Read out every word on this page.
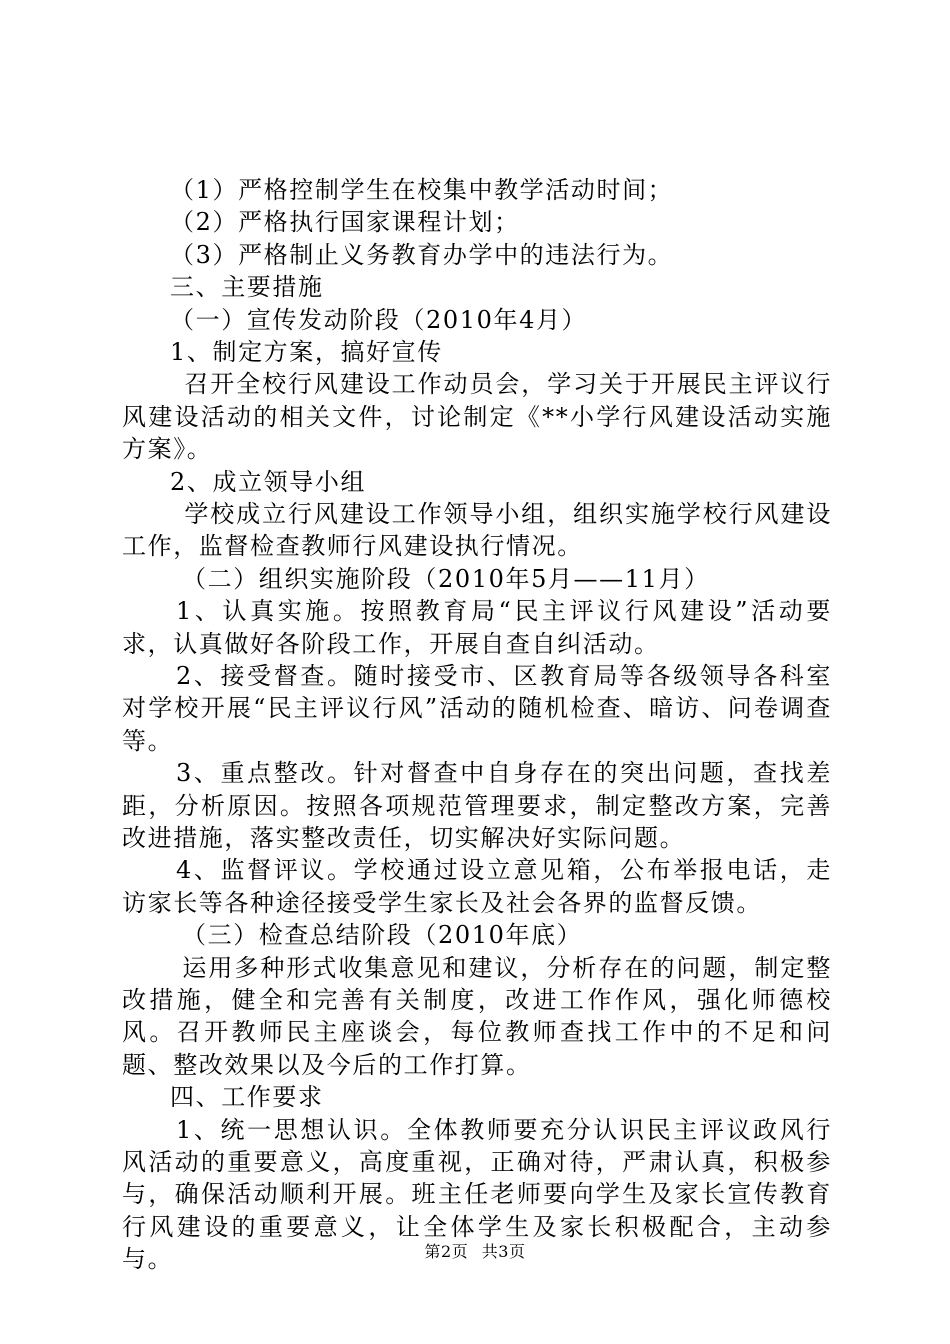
（1）严格控制学生在校集中教学活动时间；
（2）严格执行国家课程计划；
（3）严格制止义务教育办学中的违法行为。
三、主要措施
（一）宣传发动阶段（2010年4月）
1、制定方案，搞好宣传
召开全校行风建设工作动员会，学习关于开展民主评议行风建设活动的相关文件，讨论制定《**小学行风建设活动实施方案》。
2、成立领导小组
学校成立行风建设工作领导小组，组织实施学校行风建设工作，监督检查教师行风建设执行情况。
（二）组织实施阶段（2010年5月——11月）
1、认真实施。按照教育局“民主评议行风建设”活动要求，认真做好各阶段工作，开展自查自纠活动。
2、接受督查。随时接受市、区教育局等各级领导各科室对学校开展“民主评议行风”活动的随机检查、暗访、问卷调查等。
3、重点整改。针对督查中自身存在的突出问题，查找差距，分析原因。按照各项规范管理要求，制定整改方案，完善改进措施，落实整改责任，切实解决好实际问题。
4、监督评议。学校通过设立意见箱，公布举报电话，走访家长等各种途径接受学生家长及社会各界的监督反馈。
（三）检查总结阶段（2010年底）
运用多种形式收集意见和建议，分析存在的问题，制定整改措施，健全和完善有关制度，改进工作作风，强化师德校风。召开教师民主座谈会，每位教师查找工作中的不足和问题、整改效果以及今后的工作打算。
四、工作要求
1、统一思想认识。全体教师要充分认识民主评议政风行风活动的重要意义，高度重视，正确对待，严肃认真，积极参与，确保活动顺利开展。班主任老师要向学生及家长宣传教育行风建设的重要意义，让全体学生及家长积极配合，主动参与。	第2页 共3页
